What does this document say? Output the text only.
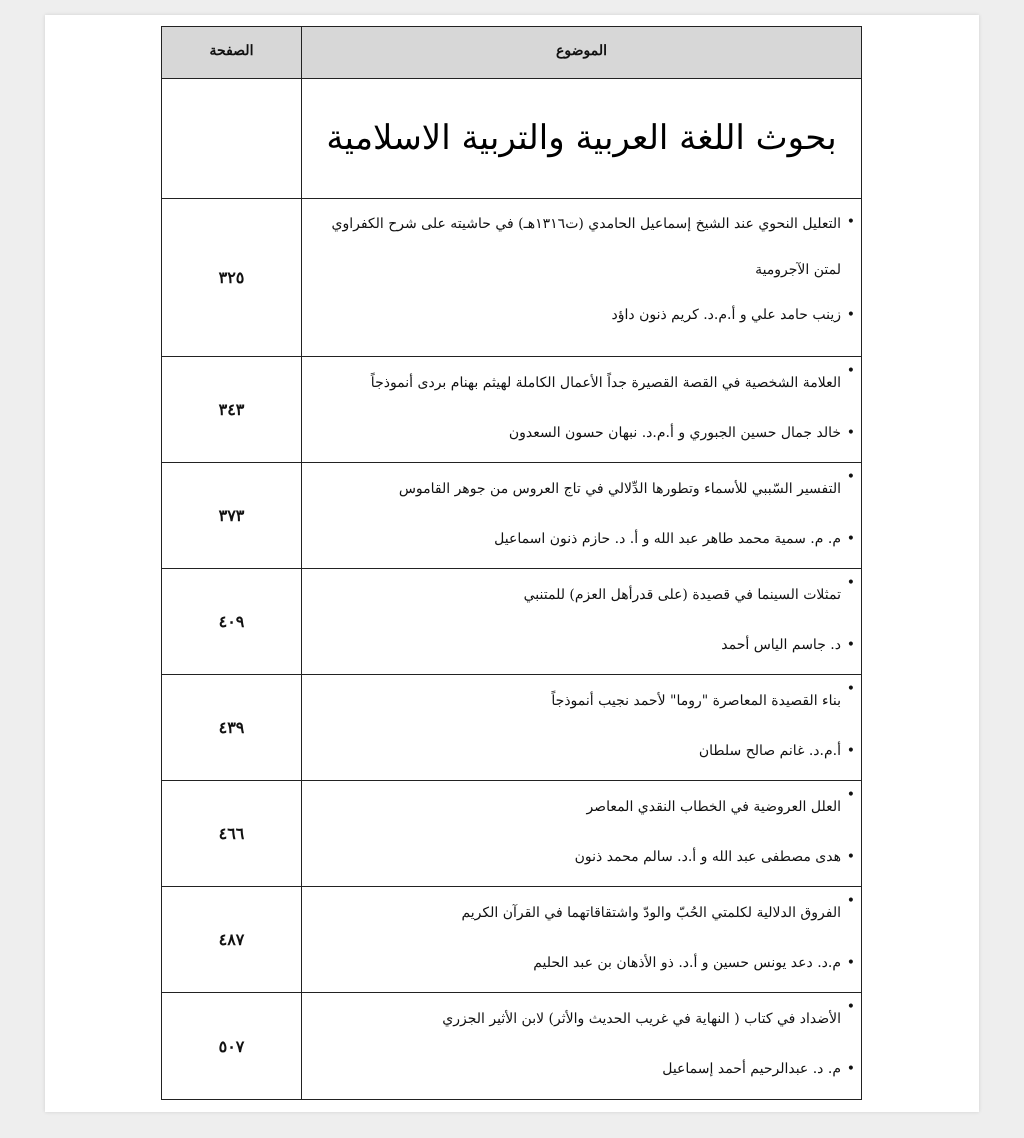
الموضوع	الصفحة
بحوث اللغة العربية والتربية الاسلامية	

• التعليل النحوي عند الشيخ إسماعيل الحامدي (ت١٣١٦هـ) في حاشيته على شرح الكفراوي لمتن الآجرومية
• زينب حامد علي و أ.م.د. كريم ذنون داؤد	٣٢٥

• العلامة الشخصية في القصة القصيرة جداً الأعمال الكاملة لهيثم بهنام بردى أنموذجاً
• خالد جمال حسين الجبوري و أ.م.د. نبهان حسون السعدون	٣٤٣

• التفسير السّببي للأسماء وتطورها الدِّلالي في تاج العروس من جوهر القاموس
• م. م. سمية محمد طاهر عبد الله و أ. د. حازم ذنون اسماعيل	٣٧٣

• تمثلات السينما في قصيدة (على قدرأهل العزم) للمتنبي
• د. جاسم الياس أحمد	٤٠٩

• بناء القصيدة المعاصرة "روما" لأحمد نجيب أنموذجاً
• أ.م.د. غانم صالح سلطان	٤٣٩

• العلل العروضية في الخطاب النقدي المعاصر
• هدى مصطفى عبد الله و أ.د. سالم محمد ذنون	٤٦٦

• الفروق الدلالية لكلمتي الحُبّ والودّ واشتقاقاتهما في القرآن الكريم
• م.د. دعد يونس حسين و أ.د. ذو الأذهان بن عبد الحليم	٤٨٧

• الأضداد في كتاب ( النهاية في غريب الحديث والأثر) لابن الأثير الجزري
• م. د. عبدالرحيم أحمد إسماعيل	٥٠٧
